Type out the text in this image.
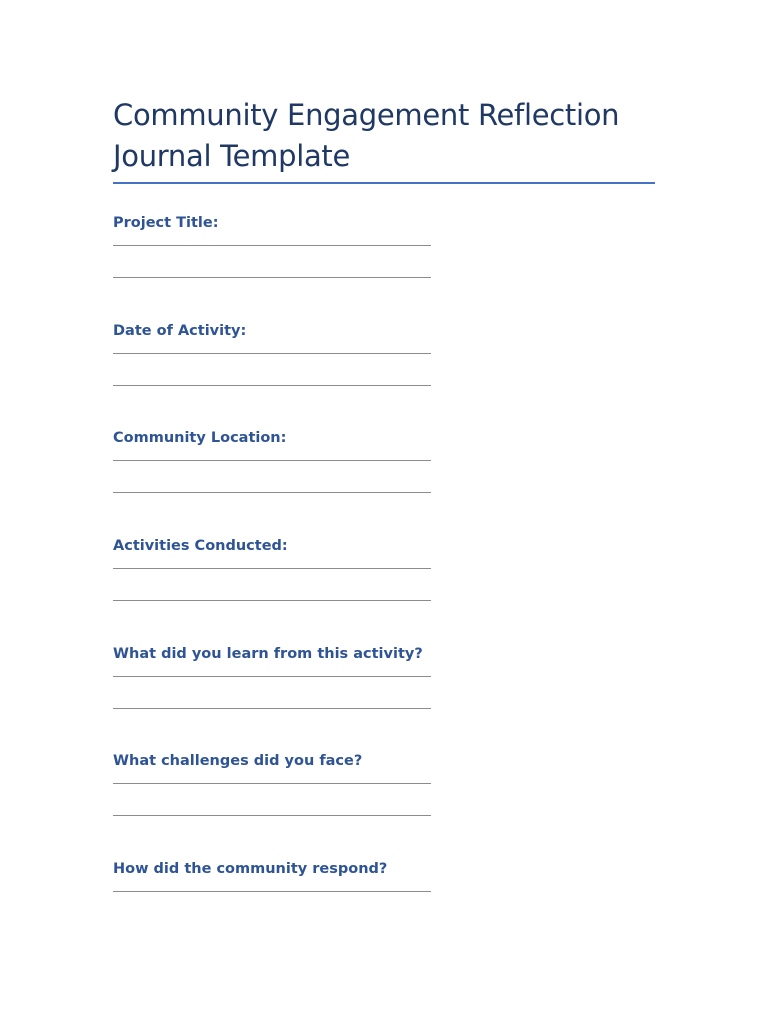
Community Engagement Reflection
Journal Template

Project Title:

Date of Activity:

Community Location:

Activities Conducted:

What did you learn from this activity?

What challenges did you face?

How did the community respond?
